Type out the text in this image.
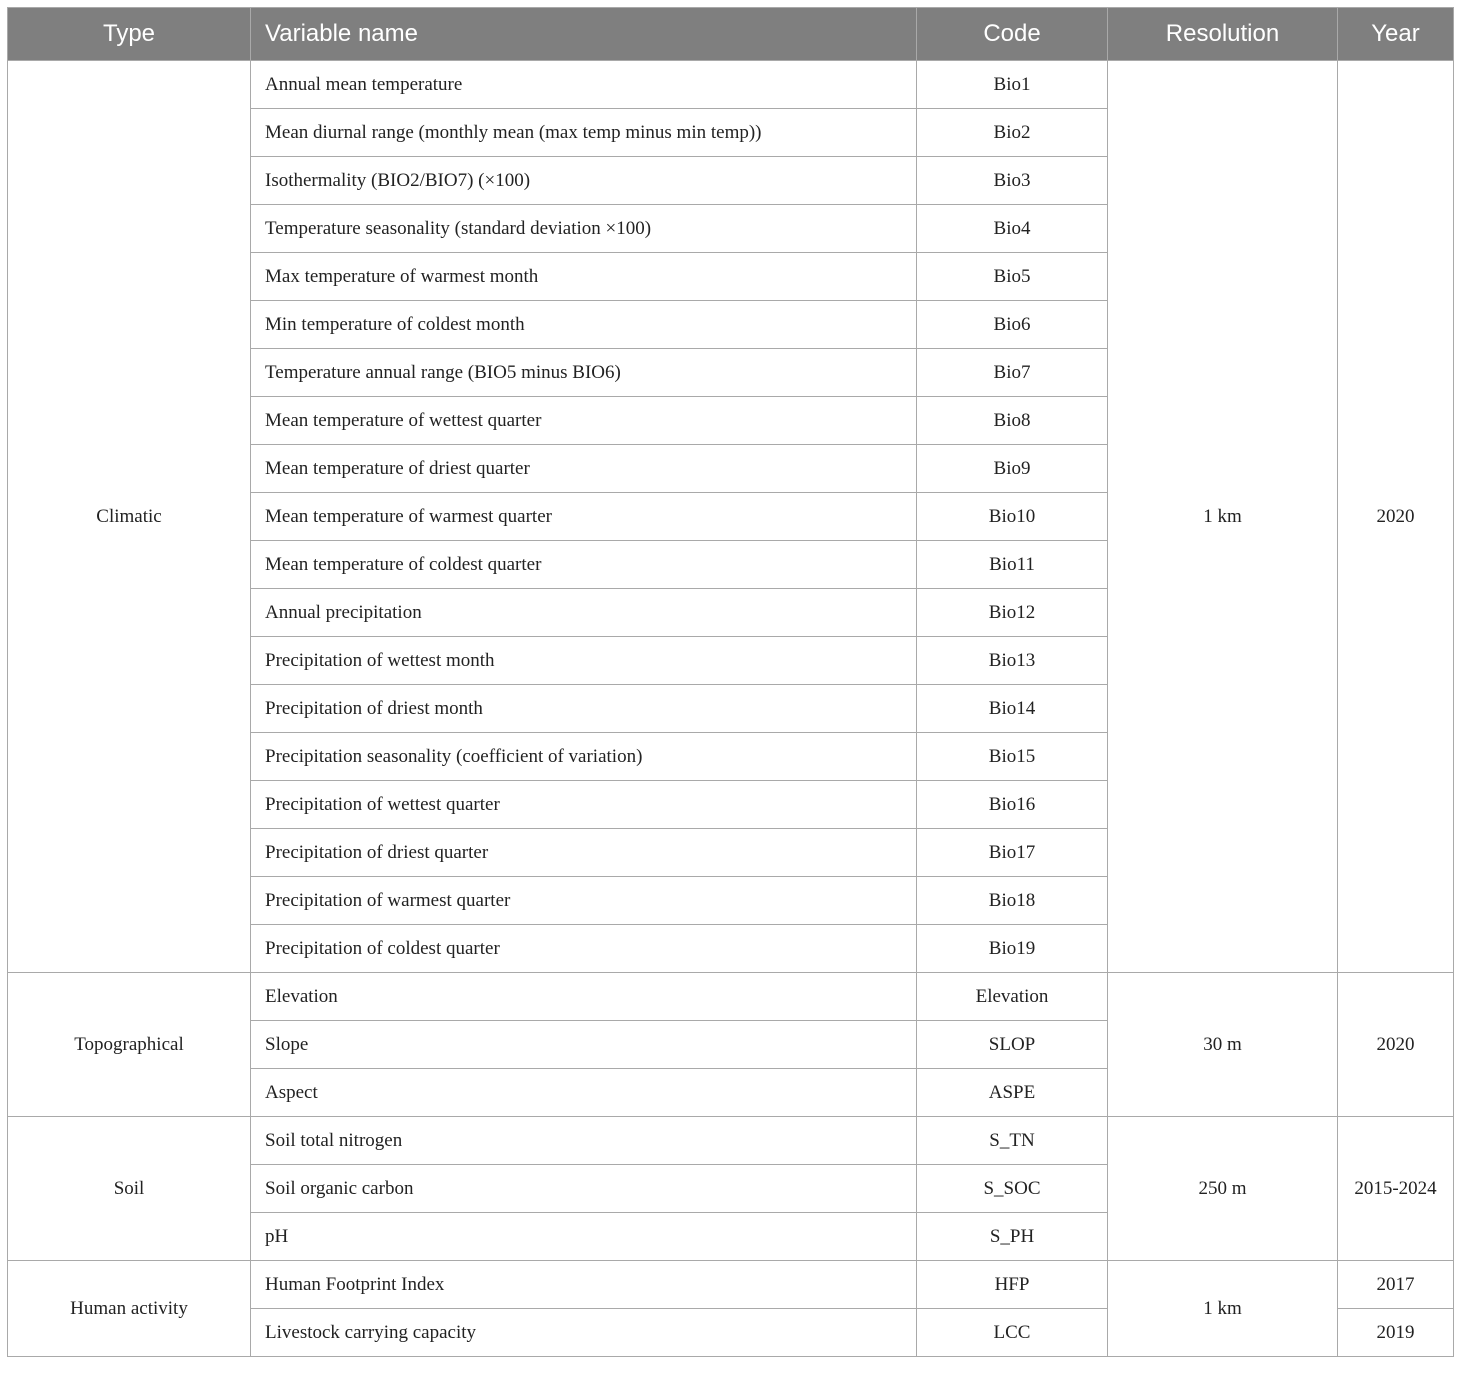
Type	Variable name	Code	Resolution	Year
Climatic	Annual mean temperature	Bio1	1 km	2020
	Mean diurnal range (monthly mean (max temp minus min temp))	Bio2		
	Isothermality (BIO2/BIO7) (×100)	Bio3		
	Temperature seasonality (standard deviation ×100)	Bio4		
	Max temperature of warmest month	Bio5		
	Min temperature of coldest month	Bio6		
	Temperature annual range (BIO5 minus BIO6)	Bio7		
	Mean temperature of wettest quarter	Bio8		
	Mean temperature of driest quarter	Bio9		
	Mean temperature of warmest quarter	Bio10		
	Mean temperature of coldest quarter	Bio11		
	Annual precipitation	Bio12		
	Precipitation of wettest month	Bio13		
	Precipitation of driest month	Bio14		
	Precipitation seasonality (coefficient of variation)	Bio15		
	Precipitation of wettest quarter	Bio16		
	Precipitation of driest quarter	Bio17		
	Precipitation of warmest quarter	Bio18		
	Precipitation of coldest quarter	Bio19		
Topographical	Elevation	Elevation	30 m	2020
	Slope	SLOP		
	Aspect	ASPE		
Soil	Soil total nitrogen	S_TN	250 m	2015-2024
	Soil organic carbon	S_SOC		
	pH	S_PH		
Human activity	Human Footprint Index	HFP	1 km	2017
	Livestock carrying capacity	LCC		2019
